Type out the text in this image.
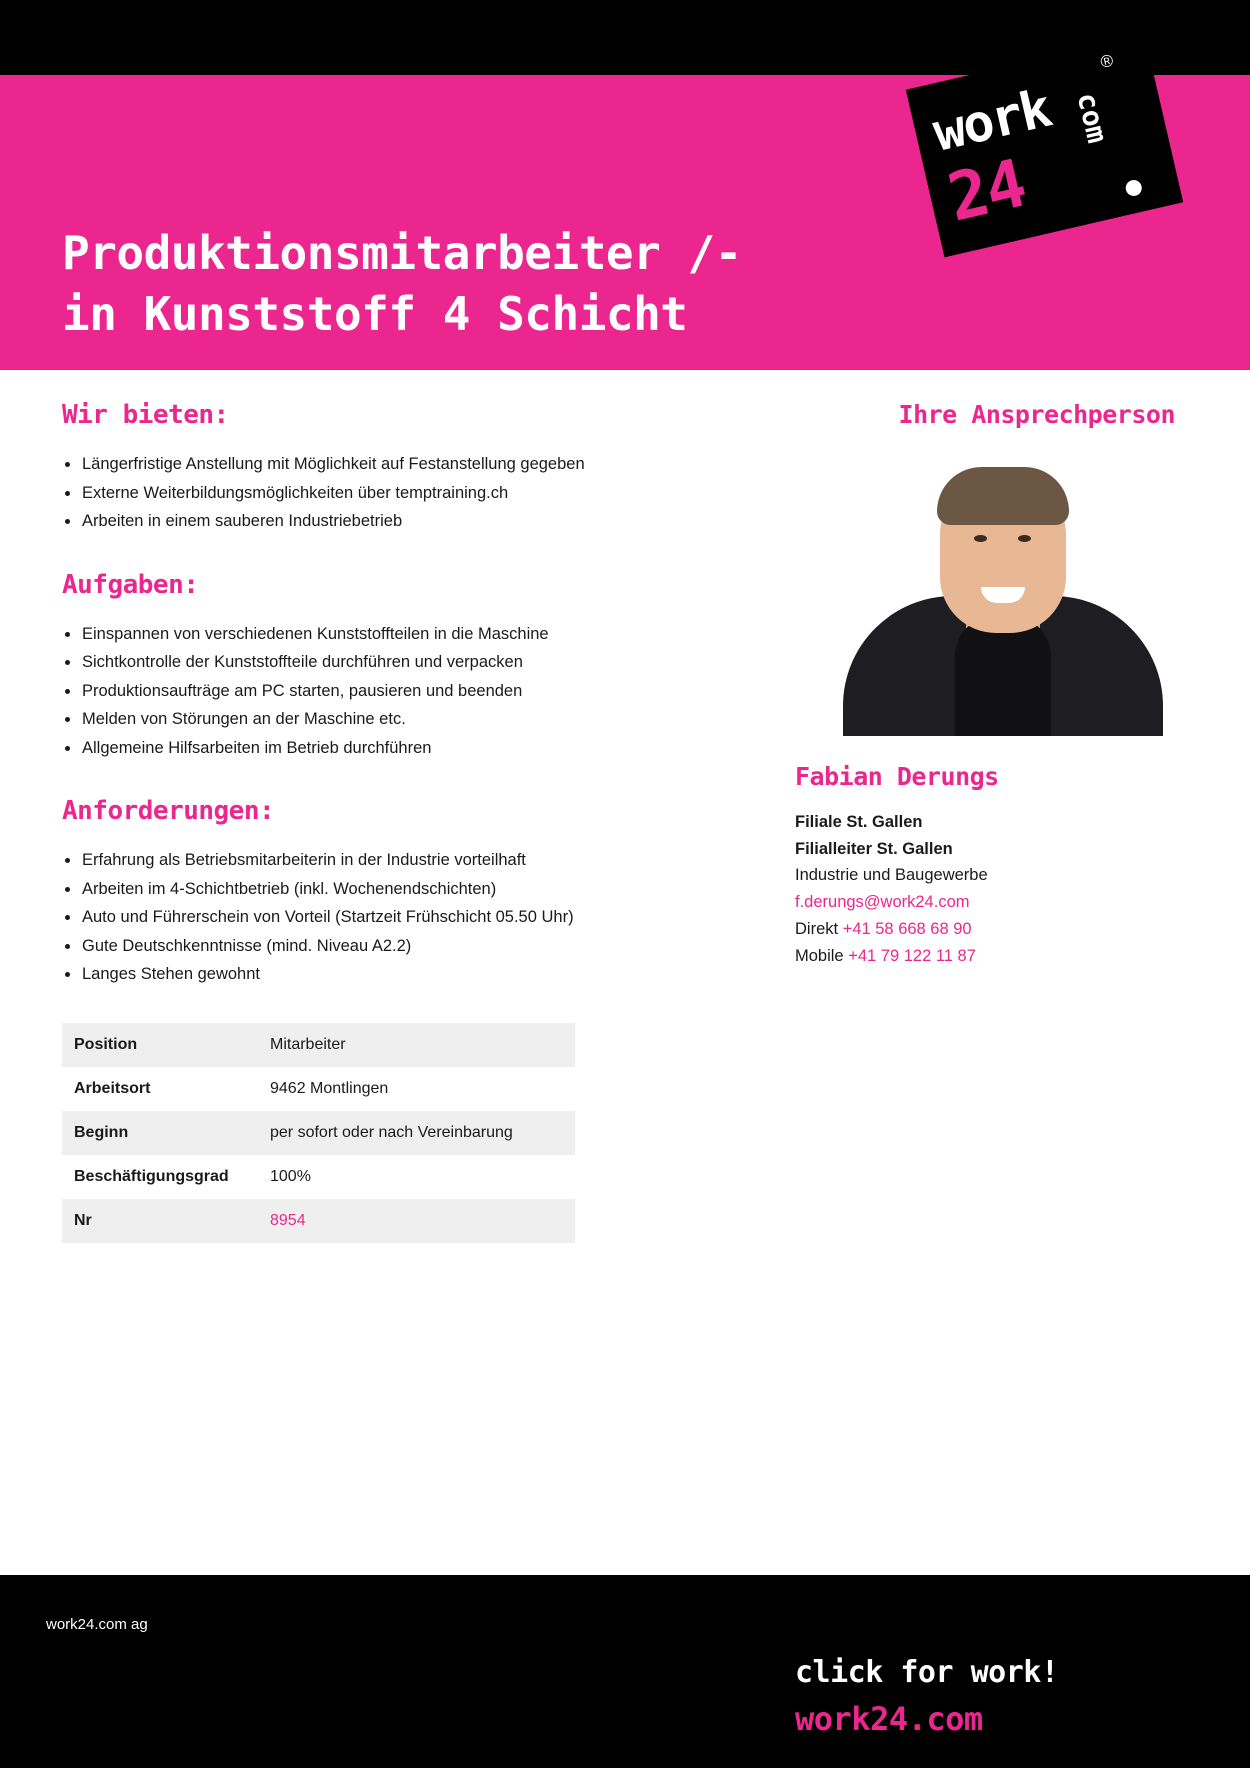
Produktionsmitarbeiter /-
in Kunststoff 4 Schicht
work
®
24
com
Wir bieten:
Längerfristige Anstellung mit Möglichkeit auf Festanstellung gegeben
Externe Weiterbildungsmöglichkeiten über temptraining.ch
Arbeiten in einem sauberen Industriebetrieb
Aufgaben:
Einspannen von verschiedenen Kunststoffteilen in die Maschine
Sichtkontrolle der Kunststoffteile durchführen und verpacken
Produktionsaufträge am PC starten, pausieren und beenden
Melden von Störungen an der Maschine etc.
Allgemeine Hilfsarbeiten im Betrieb durchführen
Anforderungen:
Erfahrung als Betriebsmitarbeiterin in der Industrie vorteilhaft
Arbeiten im 4-Schichtbetrieb (inkl. Wochenendschichten)
Auto und Führerschein von Vorteil (Startzeit Frühschicht 05.50 Uhr)
Gute Deutschkenntnisse (mind. Niveau A2.2)
Langes Stehen gewohnt
Position	Mitarbeiter
Arbeitsort	9462 Montlingen
Beginn	per sofort oder nach Vereinbarung
Beschäftigungsgrad	100%
Nr	8954
Ihre Ansprechperson
Fabian Derungs
Filiale St. Gallen
Filialleiter St. Gallen
Industrie und Baugewerbe
f.derungs@work24.com
Direkt +41 58 668 68 90
Mobile +41 79 122 11 87
work24.com ag
click for work!
work24.com
